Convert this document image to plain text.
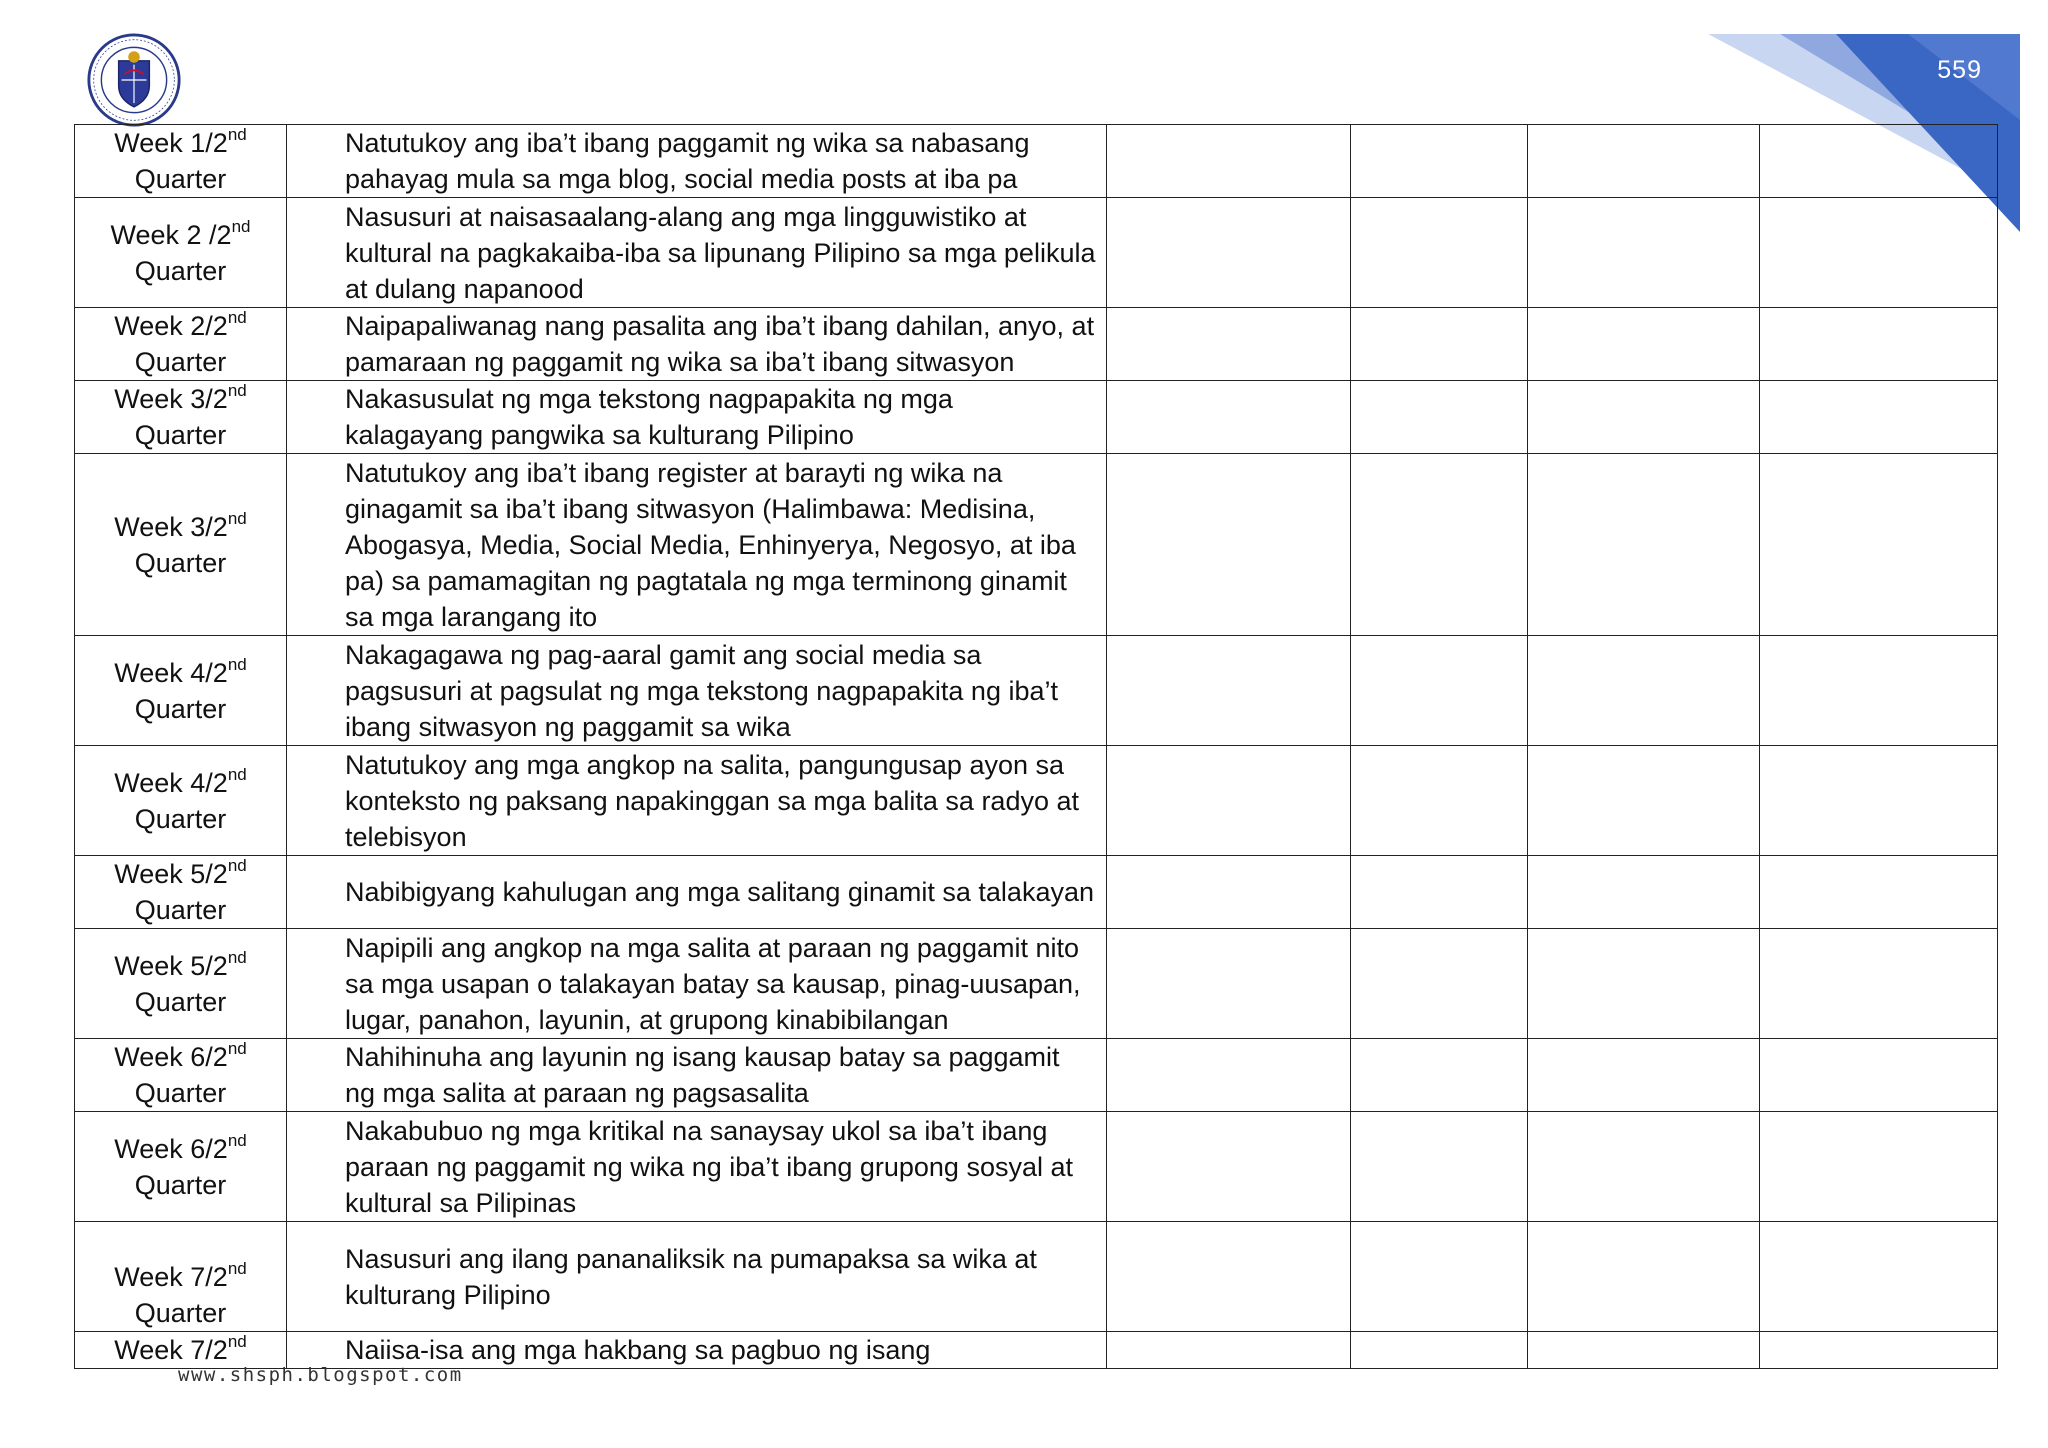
559
Week 1/2nd
Quarter	Natutukoy ang iba’t ibang paggamit ng wika sa nabasang pahayag mula sa mga blog, social media posts at iba pa				
Week 2 /2nd
Quarter	Nasusuri at naisasaalang-alang ang mga lingguwistiko at kultural na pagkakaiba-iba sa lipunang Pilipino sa mga pelikula at dulang napanood				
Week 2/2nd
Quarter	Naipapaliwanag nang pasalita ang iba’t ibang dahilan, anyo, at pamaraan ng paggamit ng wika sa iba’t ibang sitwasyon				
Week 3/2nd
Quarter	Nakasusulat ng mga tekstong nagpapakita ng mga kalagayang pangwika sa kulturang Pilipino				
Week 3/2nd
Quarter	Natutukoy ang iba’t ibang register at barayti ng wika na ginagamit sa iba’t ibang sitwasyon (Halimbawa: Medisina, Abogasya, Media, Social Media, Enhinyerya, Negosyo, at iba pa) sa pamamagitan ng pagtatala ng mga terminong ginamit sa mga larangang ito				
Week 4/2nd
Quarter	Nakagagawa ng pag-aaral gamit ang social media sa pagsusuri at pagsulat ng mga tekstong nagpapakita ng iba’t ibang sitwasyon ng paggamit sa wika				
Week 4/2nd
Quarter	Natutukoy ang mga angkop na salita, pangungusap ayon sa konteksto ng paksang napakinggan sa mga balita sa radyo at telebisyon				
Week 5/2nd
Quarter	Nabibigyang kahulugan ang mga salitang ginamit sa talakayan				
Week 5/2nd
Quarter	Napipili ang angkop na mga salita at paraan ng paggamit nito sa mga usapan o talakayan batay sa kausap, pinag-uusapan, lugar, panahon, layunin, at grupong kinabibilangan				
Week 6/2nd
Quarter	Nahihinuha ang layunin ng isang kausap batay sa paggamit ng mga salita at paraan ng pagsasalita				
Week 6/2nd
Quarter	Nakabubuo ng mga kritikal na sanaysay ukol sa iba’t ibang paraan ng paggamit ng wika ng iba’t ibang grupong sosyal at kultural sa Pilipinas				
Week 7/2nd
Quarter	Nasusuri ang ilang pananaliksik na pumapaksa sa wika at kulturang Pilipino				
Week 7/2nd	Naiisa-isa ang mga hakbang sa pagbuo ng isang				
www.shsph.blogspot.com
